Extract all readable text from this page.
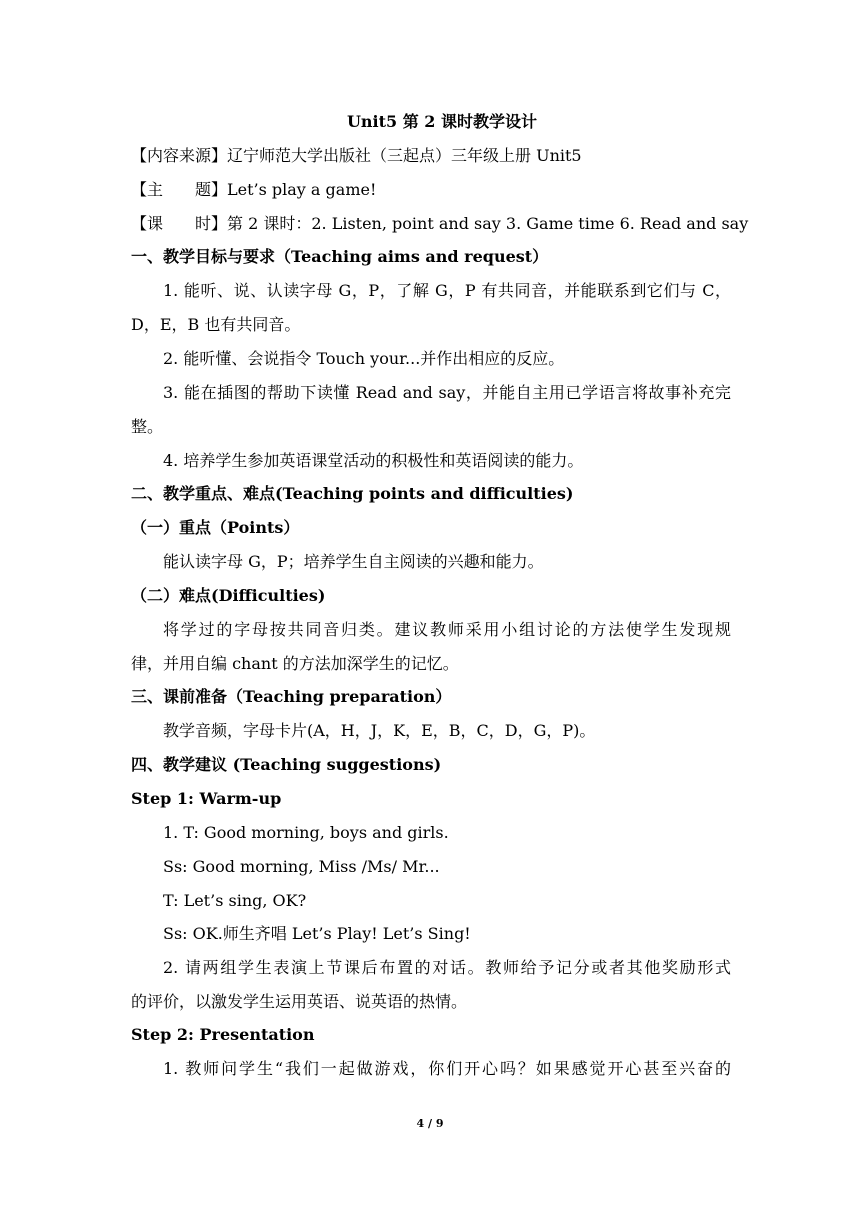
Unit5 第 2 课时教学设计
【内容来源】辽宁师范大学出版社（三起点）三年级上册 Unit5
【主　　题】Let’s play a game!
【课　　时】第 2 课时：2. Listen, point and say 3. Game time 6. Read and say
一、教学目标与要求（Teaching aims and request）
1. 能听、说、认读字母 G，P，了解 G，P 有共同音，并能联系到它们与 C，
D，E，B 也有共同音。
2. 能听懂、会说指令 Touch your...并作出相应的反应。
3. 能在插图的帮助下读懂 Read and say，并能自主用已学语言将故事补充完
整。
4. 培养学生参加英语课堂活动的积极性和英语阅读的能力。
二、教学重点、难点(Teaching points and difficulties)
（一）重点（Points）
能认读字母 G，P；培养学生自主阅读的兴趣和能力。
（二）难点(Difficulties)
将学过的字母按共同音归类。建议教师采用小组讨论的方法使学生发现规
律，并用自编 chant 的方法加深学生的记忆。
三、课前准备（Teaching preparation）
教学音频，字母卡片(A，H，J，K，E，B，C，D，G，P)。
四、教学建议 (Teaching suggestions)
Step 1: Warm-up
1. T: Good morning, boys and girls.
Ss: Good morning, Miss /Ms/ Mr...
T: Let’s sing, OK?
Ss: OK.师生齐唱 Let’s Play! Let’s Sing!
2. 请两组学生表演上节课后布置的对话。教师给予记分或者其他奖励形式
的评价，以激发学生运用英语、说英语的热情。
Step 2: Presentation
1. 教师问学生“我们一起做游戏，你们开心吗？如果感觉开心甚至兴奋的
4 / 9
